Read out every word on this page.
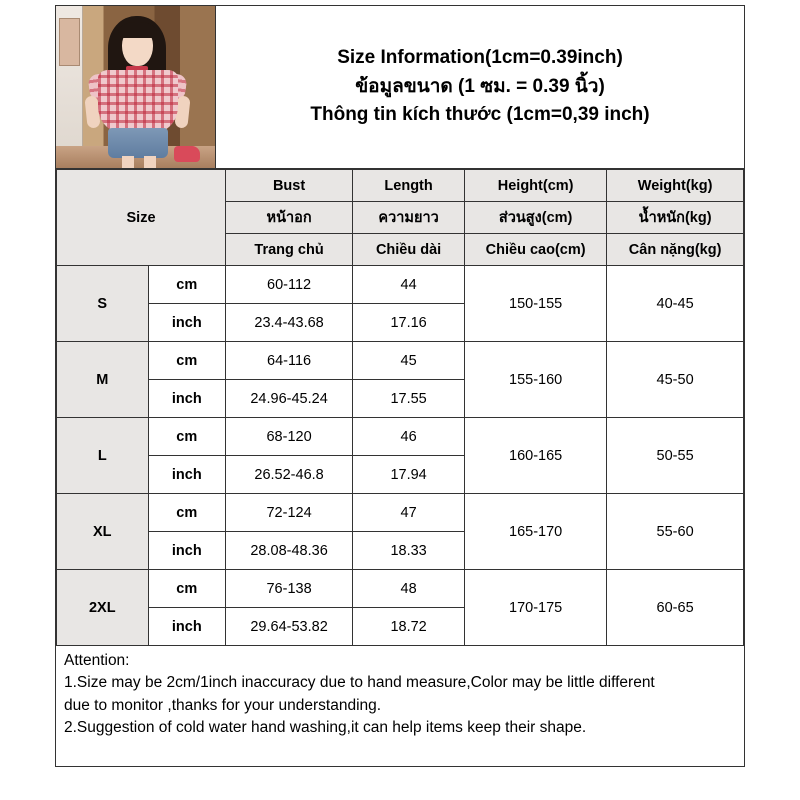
Size Information(1cm=0.39inch)
ข้อมูลขนาด (1 ซม. = 0.39 นิ้ว)
Thông tin kích thước (1cm=0,39 inch)
Size		Bust	Length	Height(cm)	Weight(kg)
		หน้าอก	ความยาว	ส่วนสูง(cm)	น้ำหนัก(kg)
		Trang chủ	Chiều dài	Chiều cao(cm)	Cân nặng(kg)
S	cm	60-112	44	150-155	40-45
	inch	23.4-43.68	17.16		
M	cm	64-116	45	155-160	45-50
	inch	24.96-45.24	17.55		
L	cm	68-120	46	160-165	50-55
	inch	26.52-46.8	17.94		
XL	cm	72-124	47	165-170	55-60
	inch	28.08-48.36	18.33		
2XL	cm	76-138	48	170-175	60-65
	inch	29.64-53.82	18.72		
Attention:
1.Size may be 2cm/1inch inaccuracy due to hand measure,Color may be little different
due to monitor ,thanks for your understanding.
2.Suggestion of cold water hand washing,it can help items keep their shape.
